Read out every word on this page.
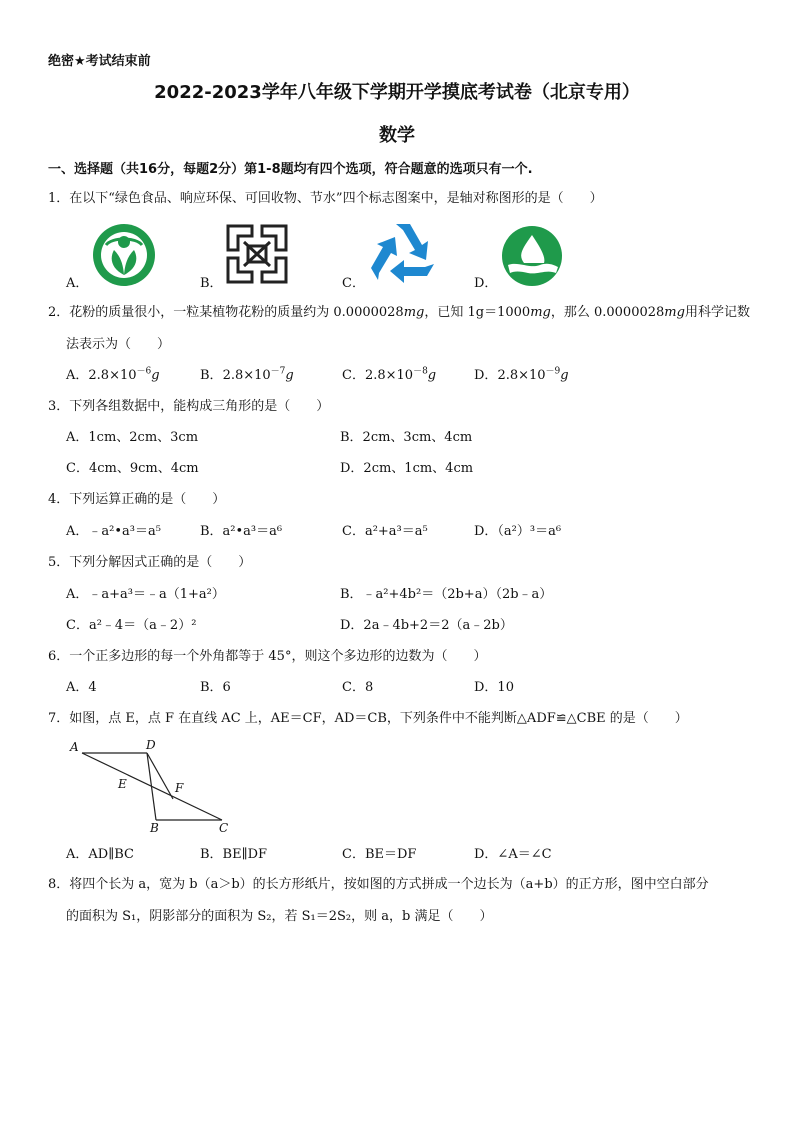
绝密★考试结束前
2022-2023学年八年级下学期开学摸底考试卷（北京专用）
数学
一、选择题（共16分，每题2分）第1-8题均有四个选项，符合题意的选项只有一个.
1．在以下“绿色食品、响应环保、可回收物、节水”四个标志图案中，是轴对称图形的是（　　）
A．	B．	C．	D．
2．花粉的质量很小，一粒某植物花粉的质量约为 0.0000028mg，已知 1g＝1000mg，那么 0.0000028mg用科学记数
法表示为（　　）
A．$2.8\times 10^{-6}g$	B．$2.8\times 10^{-7}g$	C．$2.8\times 10^{-8}g$	D．$2.8\times 10^{-9}g$
3．下列各组数据中，能构成三角形的是（　　）
A．1cm、2cm、3cm	B．2cm、3cm、4cm
C．4cm、9cm、4cm	D．2cm、1cm、4cm
4．下列运算正确的是（　　）
A．﹣a²•a³＝a⁵	B．a²•a³＝a⁶	C．a²+a³＝a⁵	D．（a²）³＝a⁶
5．下列分解因式正确的是（　　）
A．﹣a+a³＝﹣a（1+a²）	B．﹣a²+4b²＝（2b+a）（2b﹣a）
C．a²﹣4＝（a﹣2）²	D．2a﹣4b+2＝2（a﹣2b）
6．一个正多边形的每一个外角都等于 45°，则这个多边形的边数为（　　）
A．4	B．6	C．8	D．10
7．如图，点 E，点 F 在直线 AC 上，AE＝CF，AD＝CB，下列条件中不能判断△ADF≌△CBE 的是（　　）
A	D
E	F
B	C
A．AD∥BC	B．BE∥DF	C．BE＝DF	D．∠A＝∠C
8．将四个长为 a，宽为 b（a＞b）的长方形纸片，按如图的方式拼成一个边长为（a+b）的正方形，图中空白部分
的面积为 S₁，阴影部分的面积为 S₂，若 S₁＝2S₂，则 a，b 满足（　　）
